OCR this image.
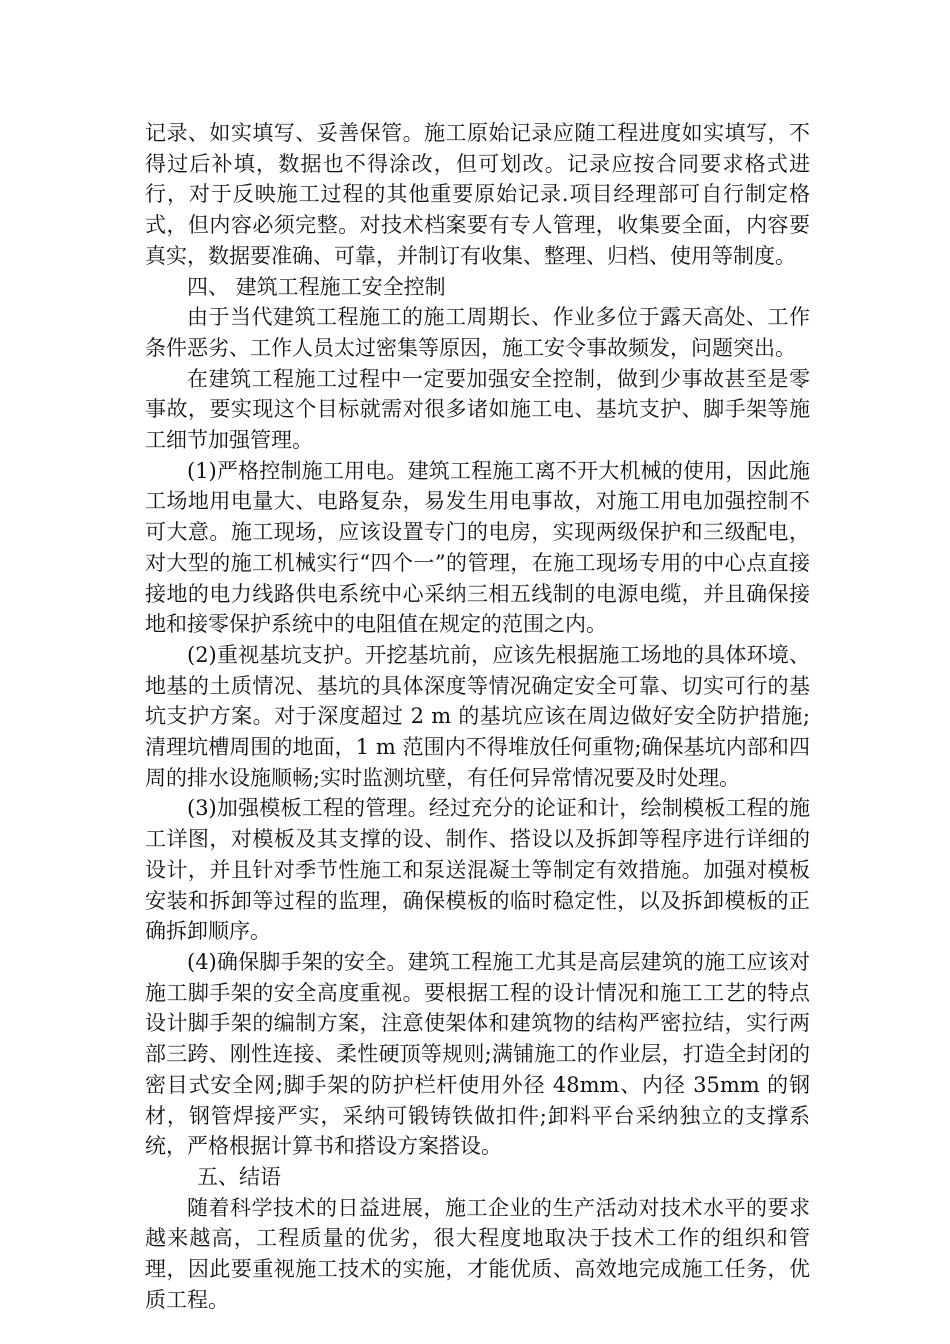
记录、如实填写、妥善保管。施工原始记录应随工程进度如实填写，不得过后补填，数据也不得涂改，但可划改。记录应按合同要求格式进行，对于反映施工过程的其他重要原始记录.项目经理部可自行制定格式，但内容必须完整。对技术档案要有专人管理，收集要全面，内容要真实，数据要准确、可靠，并制订有收集、整理、归档、使用等制度。

四、 建筑工程施工安全控制

由于当代建筑工程施工的施工周期长、作业多位于露天高处、工作条件恶劣、工作人员太过密集等原因，施工安令事故频发，问题突出。

在建筑工程施工过程中一定要加强安全控制，做到少事故甚至是零事故，要实现这个目标就需对很多诸如施工电、基坑支护、脚手架等施工细节加强管理。

(1)严格控制施工用电。建筑工程施工离不开大机械的使用，因此施工场地用电量大、电路复杂，易发生用电事故，对施工用电加强控制不可大意。施工现场，应该设置专门的电房，实现两级保护和三级配电，对大型的施工机械实行“四个一”的管理，在施工现场专用的中心点直接接地的电力线路供电系统中心采纳三相五线制的电源电缆，并且确保接地和接零保护系统中的电阻值在规定的范围之内。

(2)重视基坑支护。开挖基坑前，应该先根据施工场地的具体环境、地基的土质情况、基坑的具体深度等情况确定安全可靠、切实可行的基坑支护方案。对于深度超过 2 m 的基坑应该在周边做好安全防护措施;清理坑槽周围的地面，1 m 范围内不得堆放任何重物;确保基坑内部和四周的排水设施顺畅;实时监测坑壁，有任何异常情况要及时处理。

(3)加强模板工程的管理。经过充分的论证和计，绘制模板工程的施工详图，对模板及其支撑的设、制作、搭设以及拆卸等程序进行详细的设计，并且针对季节性施工和泵送混凝土等制定有效措施。加强对模板安装和拆卸等过程的监理，确保模板的临时稳定性，以及拆卸模板的正确拆卸顺序。

(4)确保脚手架的安全。建筑工程施工尤其是高层建筑的施工应该对施工脚手架的安全高度重视。要根据工程的设计情况和施工工艺的特点设计脚手架的编制方案，注意使架体和建筑物的结构严密拉结，实行两部三跨、刚性连接、柔性硬顶等规则;满铺施工的作业层，打造全封闭的密目式安全网;脚手架的防护栏杆使用外径 48mm、内径 35mm 的钢材，钢管焊接严实，采纳可锻铸铁做扣件;卸料平台采纳独立的支撑系统，严格根据计算书和搭设方案搭设。

五、结语

随着科学技术的日益进展，施工企业的生产活动对技术水平的要求越来越高，工程质量的优劣，很大程度地取决于技术工作的组织和管理，因此要重视施工技术的实施，才能优质、高效地完成施工任务，优质工程。
